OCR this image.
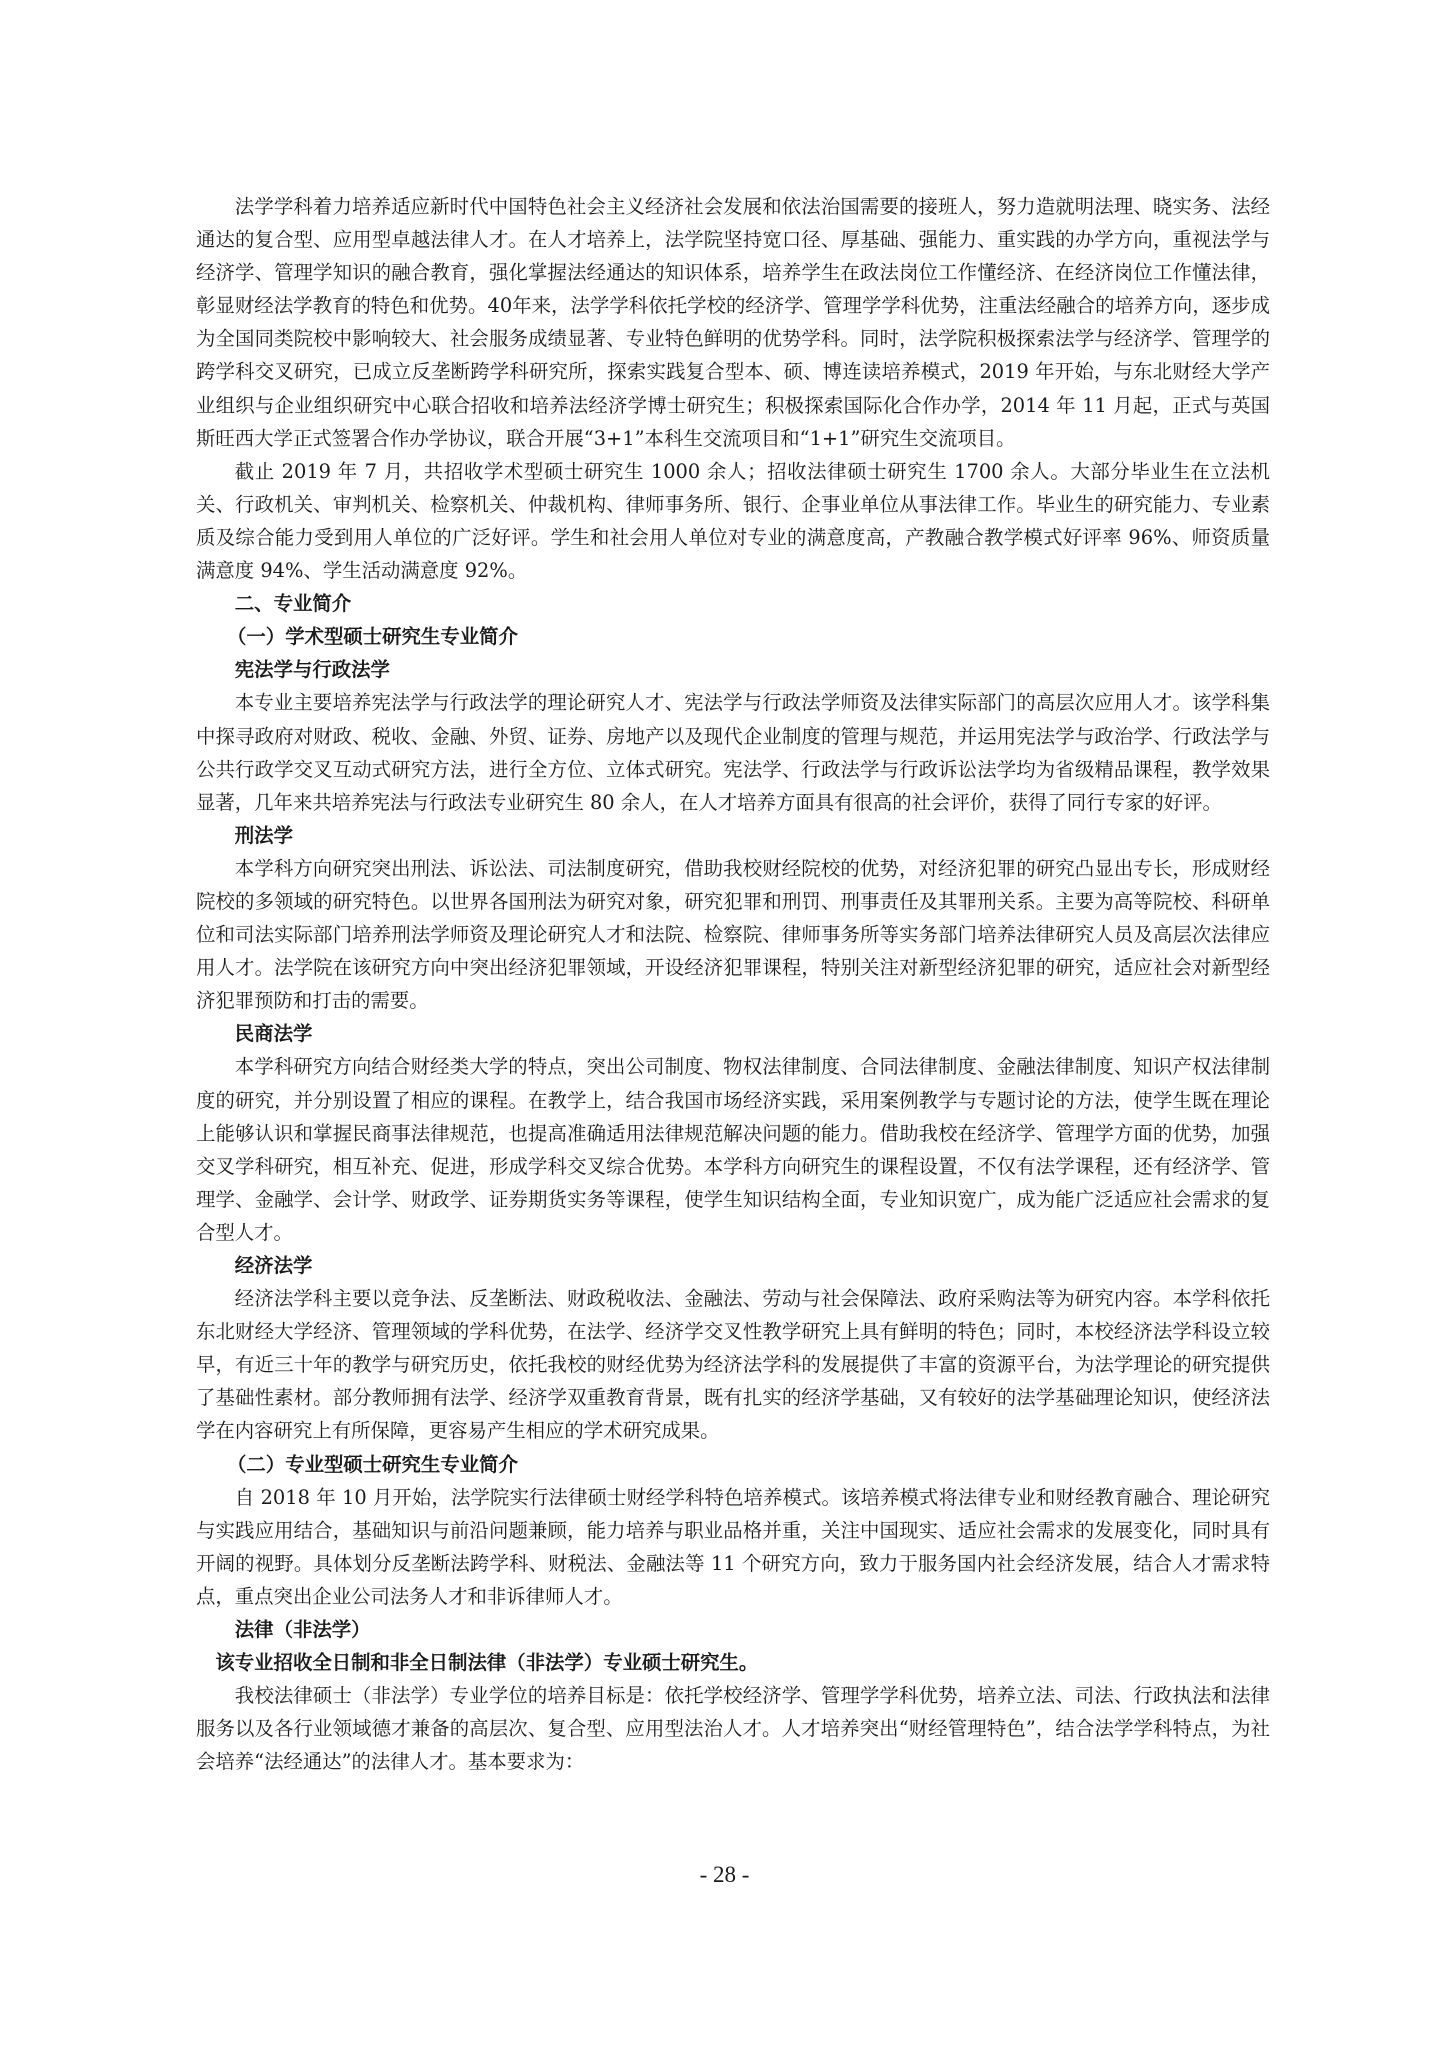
法学学科着力培养适应新时代中国特色社会主义经济社会发展和依法治国需要的接班人，努力造就明法理、晓实务、法经通达的复合型、应用型卓越法律人才。在人才培养上，法学院坚持宽口径、厚基础、强能力、重实践的办学方向，重视法学与经济学、管理学知识的融合教育，强化掌握法经通达的知识体系，培养学生在政法岗位工作懂经济、在经济岗位工作懂法律，彰显财经法学教育的特色和优势。40年来，法学学科依托学校的经济学、管理学学科优势，注重法经融合的培养方向，逐步成为全国同类院校中影响较大、社会服务成绩显著、专业特色鲜明的优势学科。同时，法学院积极探索法学与经济学、管理学的跨学科交叉研究，已成立反垄断跨学科研究所，探索实践复合型本、硕、博连读培养模式，2019 年开始，与东北财经大学产业组织与企业组织研究中心联合招收和培养法经济学博士研究生；积极探索国际化合作办学，2014 年 11 月起，正式与英国斯旺西大学正式签署合作办学协议，联合开展“3+1”本科生交流项目和“1+1”研究生交流项目。

截止 2019 年 7 月，共招收学术型硕士研究生 1000 余人；招收法律硕士研究生 1700 余人。大部分毕业生在立法机关、行政机关、审判机关、检察机关、仲裁机构、律师事务所、银行、企事业单位从事法律工作。毕业生的研究能力、专业素质及综合能力受到用人单位的广泛好评。学生和社会用人单位对专业的满意度高，产教融合教学模式好评率 96%、师资质量满意度 94%、学生活动满意度 92%。

二、专业简介
（一）学术型硕士研究生专业简介
宪法学与行政法学

本专业主要培养宪法学与行政法学的理论研究人才、宪法学与行政法学师资及法律实际部门的高层次应用人才。该学科集中探寻政府对财政、税收、金融、外贸、证券、房地产以及现代企业制度的管理与规范，并运用宪法学与政治学、行政法学与公共行政学交叉互动式研究方法，进行全方位、立体式研究。宪法学、行政法学与行政诉讼法学均为省级精品课程，教学效果显著，几年来共培养宪法与行政法专业研究生 80 余人，在人才培养方面具有很高的社会评价，获得了同行专家的好评。

刑法学

本学科方向研究突出刑法、诉讼法、司法制度研究，借助我校财经院校的优势，对经济犯罪的研究凸显出专长，形成财经院校的多领域的研究特色。以世界各国刑法为研究对象，研究犯罪和刑罚、刑事责任及其罪刑关系。主要为高等院校、科研单位和司法实际部门培养刑法学师资及理论研究人才和法院、检察院、律师事务所等实务部门培养法律研究人员及高层次法律应用人才。法学院在该研究方向中突出经济犯罪领域，开设经济犯罪课程，特别关注对新型经济犯罪的研究，适应社会对新型经济犯罪预防和打击的需要。

民商法学

本学科研究方向结合财经类大学的特点，突出公司制度、物权法律制度、合同法律制度、金融法律制度、知识产权法律制度的研究，并分别设置了相应的课程。在教学上，结合我国市场经济实践，采用案例教学与专题讨论的方法，使学生既在理论上能够认识和掌握民商事法律规范，也提高准确适用法律规范解决问题的能力。借助我校在经济学、管理学方面的优势，加强交叉学科研究，相互补充、促进，形成学科交叉综合优势。本学科方向研究生的课程设置，不仅有法学课程，还有经济学、管理学、金融学、会计学、财政学、证券期货实务等课程，使学生知识结构全面，专业知识宽广，成为能广泛适应社会需求的复合型人才。

经济法学

经济法学科主要以竞争法、反垄断法、财政税收法、金融法、劳动与社会保障法、政府采购法等为研究内容。本学科依托东北财经大学经济、管理领域的学科优势，在法学、经济学交叉性教学研究上具有鲜明的特色；同时，本校经济法学科设立较早，有近三十年的教学与研究历史，依托我校的财经优势为经济法学科的发展提供了丰富的资源平台，为法学理论的研究提供了基础性素材。部分教师拥有法学、经济学双重教育背景，既有扎实的经济学基础，又有较好的法学基础理论知识，使经济法学在内容研究上有所保障，更容易产生相应的学术研究成果。

（二）专业型硕士研究生专业简介

自 2018 年 10 月开始，法学院实行法律硕士财经学科特色培养模式。该培养模式将法律专业和财经教育融合、理论研究与实践应用结合，基础知识与前沿问题兼顾，能力培养与职业品格并重，关注中国现实、适应社会需求的发展变化，同时具有开阔的视野。具体划分反垄断法跨学科、财税法、金融法等 11 个研究方向，致力于服务国内社会经济发展，结合人才需求特点，重点突出企业公司法务人才和非诉律师人才。

法律（非法学）
该专业招收全日制和非全日制法律（非法学）专业硕士研究生。

我校法律硕士（非法学）专业学位的培养目标是：依托学校经济学、管理学学科优势，培养立法、司法、行政执法和法律服务以及各行业领域德才兼备的高层次、复合型、应用型法治人才。人才培养突出“财经管理特色”，结合法学学科特点，为社会培养“法经通达”的法律人才。基本要求为：

- 28 -
